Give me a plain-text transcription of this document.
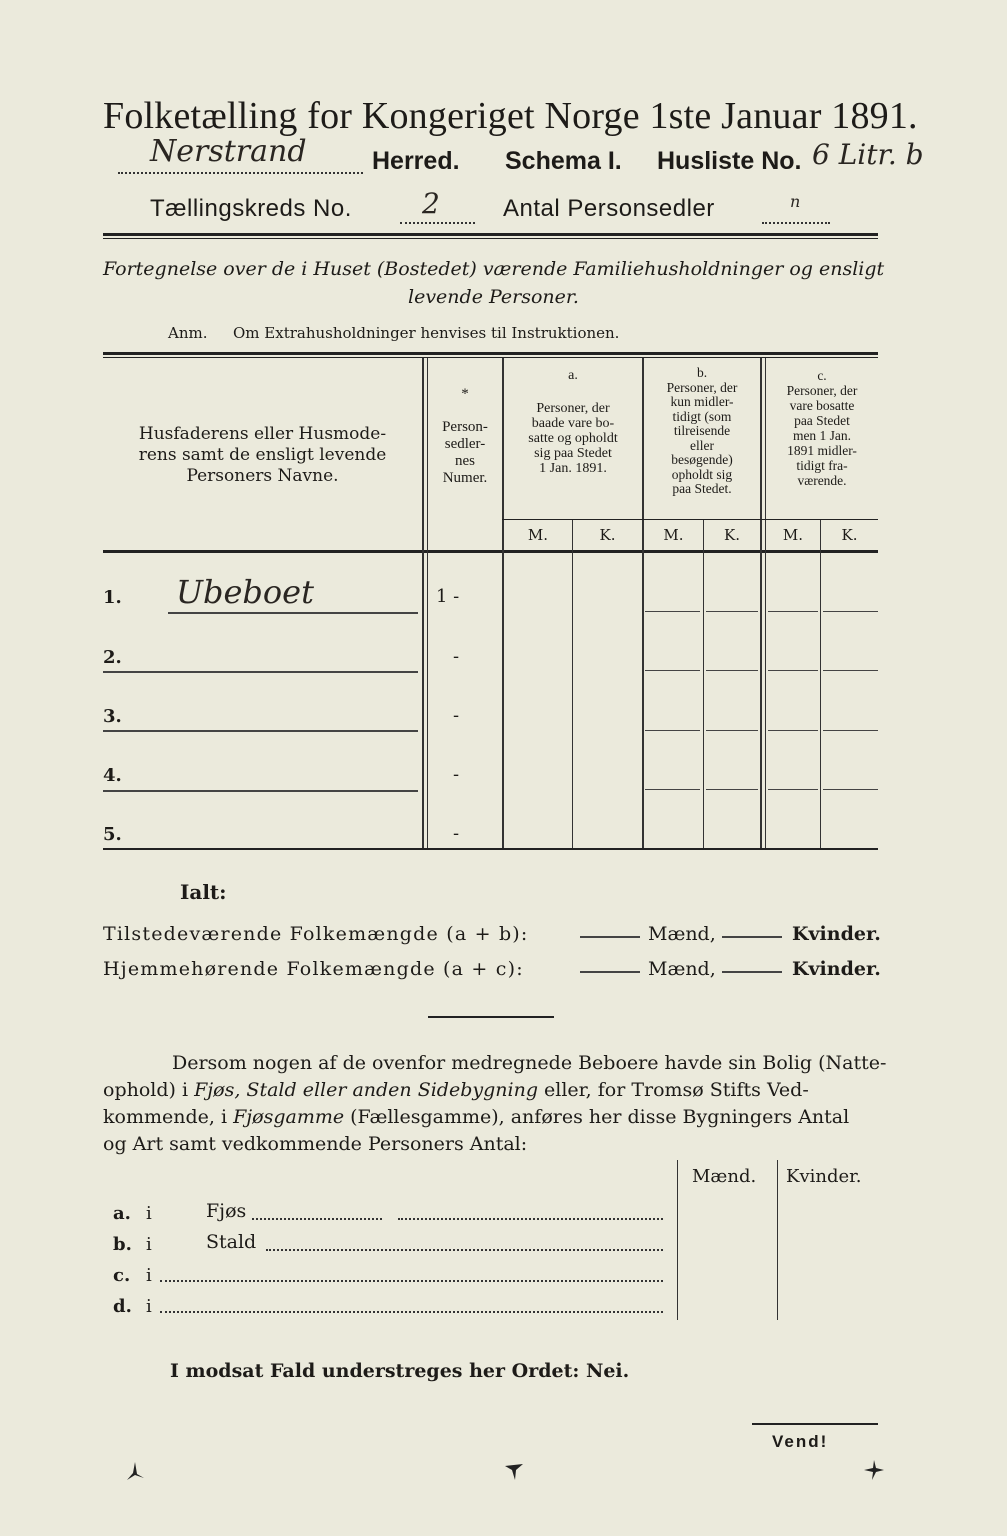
Folketælling for Kongeriget Norge 1ste Januar 1891.
Nerstrand	Herred. Schema I. Husliste No. 6 Litr. b
Tællingskreds No.	2	Antal Personsedler	n
Fortegnelse over de i Huset (Bostedet) værende Familiehusholdninger og ensligt
levende Personer.
Anm. Om Extrahusholdninger henvises til Instruktionen.
Husfaderens eller Husmode-
rens samt de ensligt levende
Personers Navne.
*
Person-
sedler-
nes
Numer.
a.
Personer, der
baade vare bo-
satte og opholdt
sig paa Stedet
1 Jan. 1891.
b.
Personer, der
kun midler-
tidigt (som
tilreisende
eller
besøgende)
opholdt sig
paa Stedet.
c.
Personer, der
vare bosatte
paa Stedet
men 1 Jan.
1891 midler-
tidigt fra-
værende.
M.	K.	M.	K.	M.	K.
1. Ubeboet	1 -
2.	-
3.	-
4.	-
5.	-
Ialt:
Tilstedeværende Folkemængde (a + b):	Mænd,	Kvinder.
Hjemmehørende Folkemængde (a + c):	Mænd,	Kvinder.
Dersom nogen af de ovenfor medregnede Beboere havde sin Bolig (Natte-
ophold) i Fjøs, Stald eller anden Sidebygning eller, for Tromsø Stifts Ved-
kommende, i Fjøsgamme (Fællesgamme), anføres her disse Bygningers Antal
og Art samt vedkommende Personers Antal:
Mænd. Kvinder.
a. i	Fjøs
b. i	Stald
c. i
d. i
I modsat Fald understreges her Ordet: Nei.
Vend!
